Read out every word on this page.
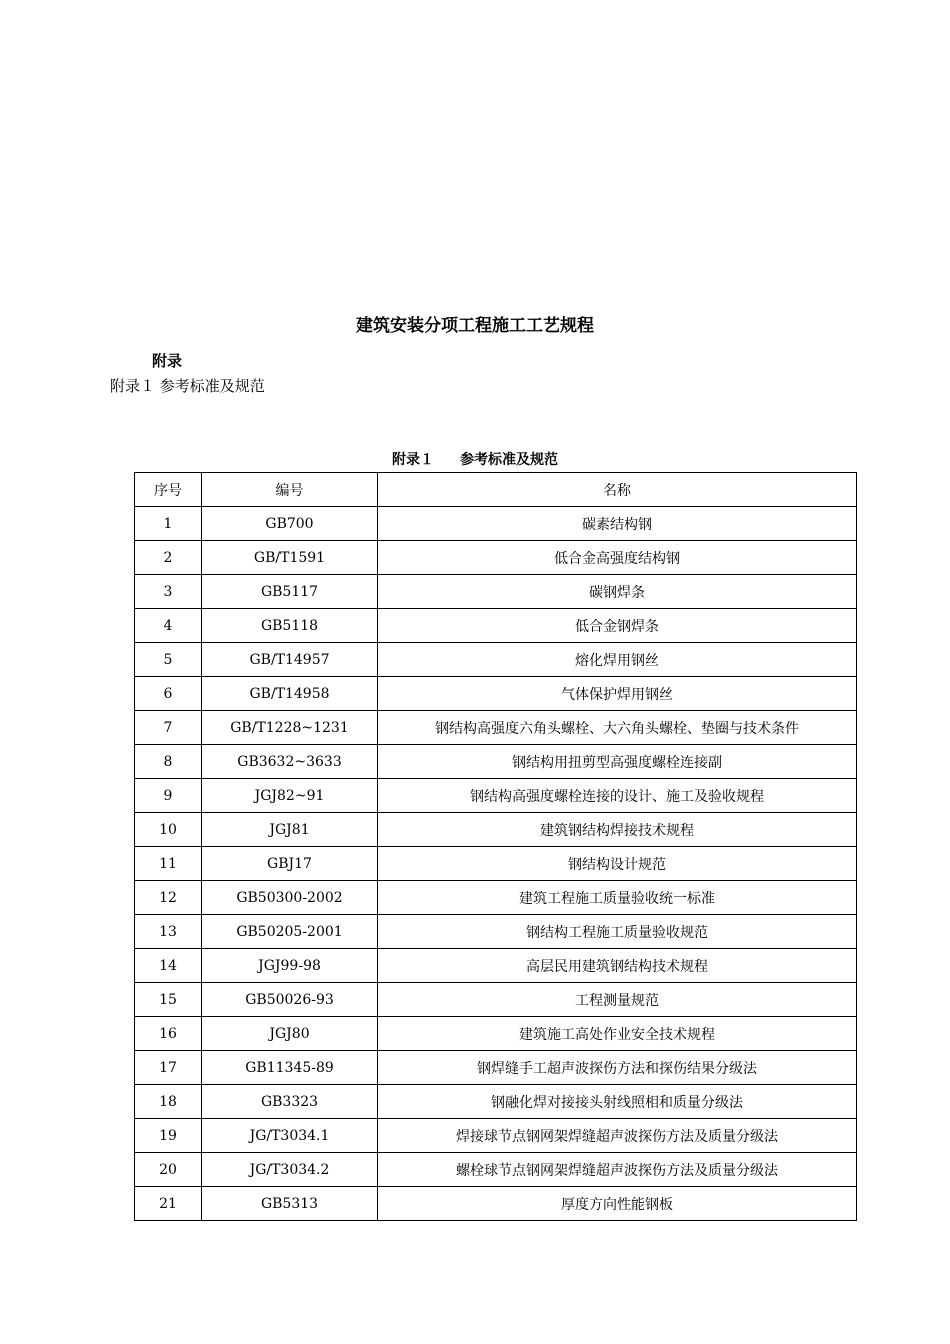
建筑安装分项工程施工工艺规程
附录
附录１ 参考标准及规范
附录１ 参考标准及规范
序号	编号	名称
1	GB700	碳素结构钢
2	GB/T1591	低合金高强度结构钢
3	GB5117	碳钢焊条
4	GB5118	低合金钢焊条
5	GB/T14957	熔化焊用钢丝
6	GB/T14958	气体保护焊用钢丝
7	GB/T1228~1231	钢结构高强度六角头螺栓、大六角头螺栓、垫圈与技术条件
8	GB3632~3633	钢结构用扭剪型高强度螺栓连接副
9	JGJ82~91	钢结构高强度螺栓连接的设计、施工及验收规程
10	JGJ81	建筑钢结构焊接技术规程
11	GBJ17	钢结构设计规范
12	GB50300-2002	建筑工程施工质量验收统一标准
13	GB50205-2001	钢结构工程施工质量验收规范
14	JGJ99-98	高层民用建筑钢结构技术规程
15	GB50026-93	工程测量规范
16	JGJ80	建筑施工高处作业安全技术规程
17	GB11345-89	钢焊缝手工超声波探伤方法和探伤结果分级法
18	GB3323	钢融化焊对接接头射线照相和质量分级法
19	JG/T3034.1	焊接球节点钢网架焊缝超声波探伤方法及质量分级法
20	JG/T3034.2	螺栓球节点钢网架焊缝超声波探伤方法及质量分级法
21	GB5313	厚度方向性能钢板
